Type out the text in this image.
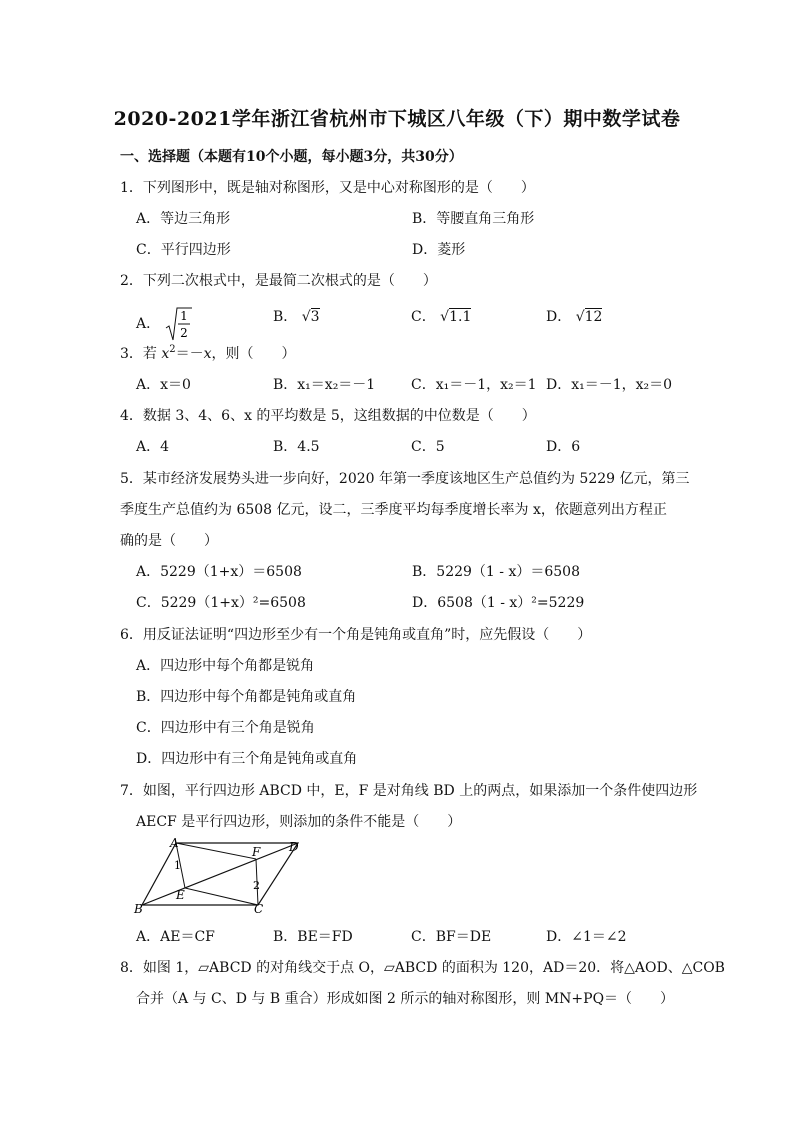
2020-2021学年浙江省杭州市下城区八年级（下）期中数学试卷
一、选择题（本题有10个小题，每小题3分，共30分）
1．下列图形中，既是轴对称图形，又是中心对称图形的是（　　）
A．等边三角形	B．等腰直角三角形
C．平行四边形	D．菱形
2．下列二次根式中，是最简二次根式的是（　　）
A． 1
2
B． √3	C． √1.1	D． √12
3．若 $x^2=-x$，则（　　）
A．x＝0	B．x₁＝x₂＝－1	C．x₁＝－1，x₂＝1 D．x₁＝－1，x₂＝0
4．数据 3、4、6、x 的平均数是 5，这组数据的中位数是（　　）
A．4	B．4.5	C．5	D．6
5．某市经济发展势头进一步向好，2020 年第一季度该地区生产总值约为 5229 亿元，第三
季度生产总值约为 6508 亿元，设二，三季度平均每季度增长率为 x，依题意列出方程正
确的是（　　）
A．5229（1+x）＝6508	B．5229（1 - x）＝6508
C．5229（1+x）²=6508	D．6508（1 - x）²=5229
6．用反证法证明“四边形至少有一个角是钝角或直角”时，应先假设（　　）
A．四边形中每个角都是锐角
B．四边形中每个角都是钝角或直角
C．四边形中有三个角是锐角
D．四边形中有三个角是钝角或直角
7．如图，平行四边形 ABCD 中，E，F 是对角线 BD 上的两点，如果添加一个条件使四边形
AECF 是平行四边形，则添加的条件不能是（　　）
A	D
B	C
E
F
1
2
A．AE＝CF	B．BE＝FD	C．BF＝DE	D．∠1＝∠2
8．如图 1，▱ABCD 的对角线交于点 O，▱ABCD 的面积为 120，AD＝20．将△AOD、△COB
合并（A 与 C、D 与 B 重合）形成如图 2 所示的轴对称图形，则 MN+PQ＝（　　）
